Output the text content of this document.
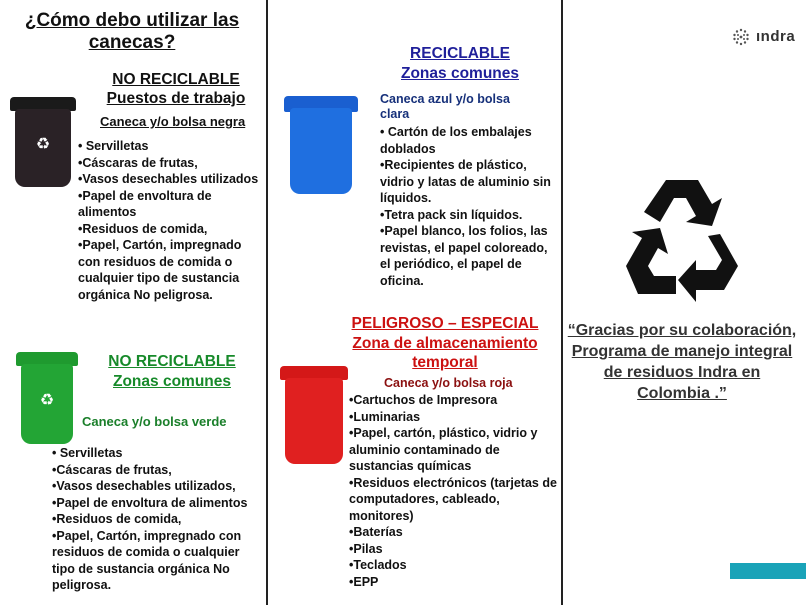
¿Cómo debo utilizar las canecas?
♻
NO RECICLABLE
Puestos de trabajo
Caneca y/o bolsa negra
• Servilletas
•Cáscaras de frutas,
•Vasos desechables utilizados
•Papel de envoltura de alimentos
•Residuos de comida,
•Papel, Cartón, impregnado con residuos de comida o cualquier tipo de sustancia orgánica No peligrosa.
♻
NO RECICLABLE
Zonas comunes
Caneca y/o bolsa verde
• Servilletas
•Cáscaras de frutas,
•Vasos desechables utilizados,
•Papel de envoltura de alimentos
•Residuos de comida,
•Papel, Cartón, impregnado con residuos de comida o cualquier tipo de sustancia orgánica No peligrosa.
RECICLABLE
Zonas comunes
Caneca azul y/o bolsa clara
• Cartón de los embalajes doblados
•Recipientes de plástico, vidrio y latas de aluminio sin líquidos.
•Tetra pack sin líquidos.
•Papel blanco, los folios, las revistas, el papel coloreado, el periódico, el papel de oficina.
PELIGROSO – ESPECIAL
Zona de almacenamiento temporal
Caneca y/o bolsa roja
•Cartuchos de Impresora
•Luminarias
•Papel, cartón, plástico, vidrio y aluminio contaminado de sustancias químicas
•Residuos electrónicos (tarjetas de computadores, cableado, monitores)
•Baterías
•Pilas
•Teclados
•EPP
ındra
“Gracias por su colaboración, Programa de manejo integral de residuos Indra en Colombia .”
